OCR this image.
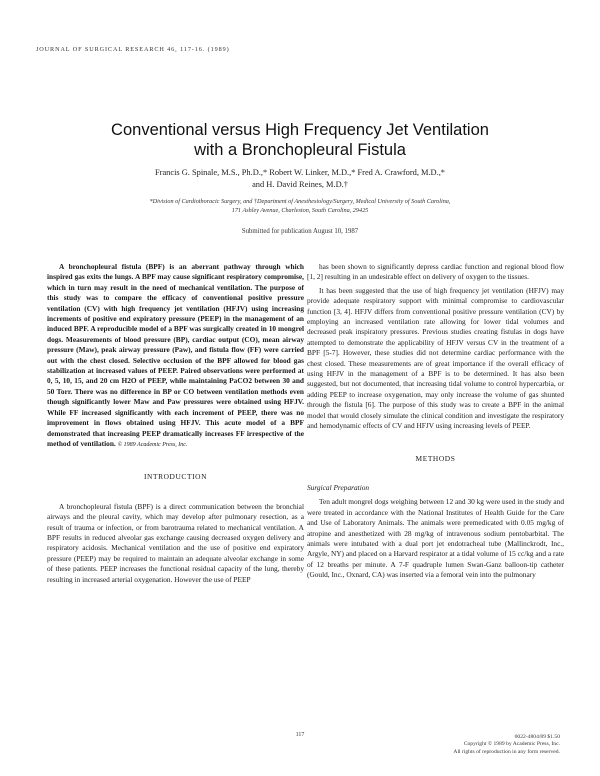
JOURNAL OF SURGICAL RESEARCH 46, 117-16. (1989)
Conventional versus High Frequency Jet Ventilation
with a Bronchopleural Fistula
Francis G. Spinale, M.S., Ph.D.,* Robert W. Linker, M.D.,* Fred A. Crawford, M.D.,*
and H. David Reines, M.D.†
*Division of Cardiothoracic Surgery, and †Department of Anesthesiology/Surgery, Medical University of South Carolina,
171 Ashley Avenue, Charleston, South Carolina, 29425
Submitted for publication August 10, 1987

A bronchopleural fistula (BPF) is an aberrant pathway through which inspired gas exits the lungs. A BPF may cause significant respiratory compromise, which in turn may result in the need of mechanical ventilation. The purpose of this study was to compare the efficacy of conventional positive pressure ventilation (CV) with high frequency jet ventilation (HFJV) using increasing increments of positive end expiratory pressure (PEEP) in the management of an induced BPF. A reproducible model of a BPF was surgically created in 10 mongrel dogs. Measurements of blood pressure (BP), cardiac output (CO), mean airway pressure (Maw), peak airway pressure (Paw), and fistula flow (FF) were carried out with the chest closed. Selective occlusion of the BPF allowed for blood gas stabilization at increased values of PEEP. Paired observations were performed at 0, 5, 10, 15, and 20 cm H2O of PEEP, while maintaining PaCO2 between 30 and 50 Torr. There was no difference in BP or CO between ventilation methods even though significantly lower Maw and Paw pressures were obtained using HFJV. While FF increased significantly with each increment of PEEP, there was no improvement in flows obtained using HFJV. This acute model of a BPF demonstrated that increasing PEEP dramatically increases FF irrespective of the method of ventilation. © 1989 Academic Press, Inc.

INTRODUCTION

A bronchopleural fistula (BPF) is a direct communication between the bronchial airways and the pleural cavity, which may develop after pulmonary resection, as a result of trauma or infection, or from barotrauma related to mechanical ventilation. A BPF results in reduced alveolar gas exchange causing decreased oxygen delivery and respiratory acidosis. Mechanical ventilation and the use of positive end expiratory pressure (PEEP) may be required to maintain an adequate alveolar exchange in some of these patients. PEEP increases the functional residual capacity of the lung, thereby resulting in increased arterial oxygenation. However the use of PEEP

has been shown to significantly depress cardiac function and regional blood flow [1, 2] resulting in an undesirable effect on delivery of oxygen to the tissues.

It has been suggested that the use of high frequency jet ventilation (HFJV) may provide adequate respiratory support with minimal compromise to cardiovascular function [3, 4]. HFJV differs from conventional positive pressure ventilation (CV) by employing an increased ventilation rate allowing for lower tidal volumes and decreased peak inspiratory pressures. Previous studies creating fistulas in dogs have attempted to demonstrate the applicability of HFJV versus CV in the treatment of a BPF [5-7]. However, these studies did not determine cardiac performance with the chest closed. These measurements are of great importance if the overall efficacy of using HFJV in the management of a BPF is to be determined. It has also been suggested, but not documented, that increasing tidal volume to control hypercarbia, or adding PEEP to increase oxygenation, may only increase the volume of gas shunted through the fistula [6]. The purpose of this study was to create a BPF in the animal model that would closely simulate the clinical condition and investigate the respiratory and hemodynamic effects of CV and HFJV using increasing levels of PEEP.

METHODS
Surgical Preparation

Ten adult mongrel dogs weighing between 12 and 30 kg were used in the study and were treated in accordance with the National Institutes of Health Guide for the Care and Use of Laboratory Animals. The animals were premedicated with 0.05 mg/kg of atropine and anesthetized with 28 mg/kg of intravenous sodium pentobarbital. The animals were intubated with a dual port jet endotracheal tube (Mallinckrodt, Inc., Argyle, NY) and placed on a Harvard respirator at a tidal volume of 15 cc/kg and a rate of 12 breaths per minute. A 7-F quadruple lumen Swan-Ganz balloon-tip catheter (Gould, Inc., Oxnard, CA) was inserted via a femoral vein into the pulmonary

117	0022-4804/89 $1.50
Copyright © 1989 by Academic Press, Inc.
All rights of reproduction in any form reserved.
